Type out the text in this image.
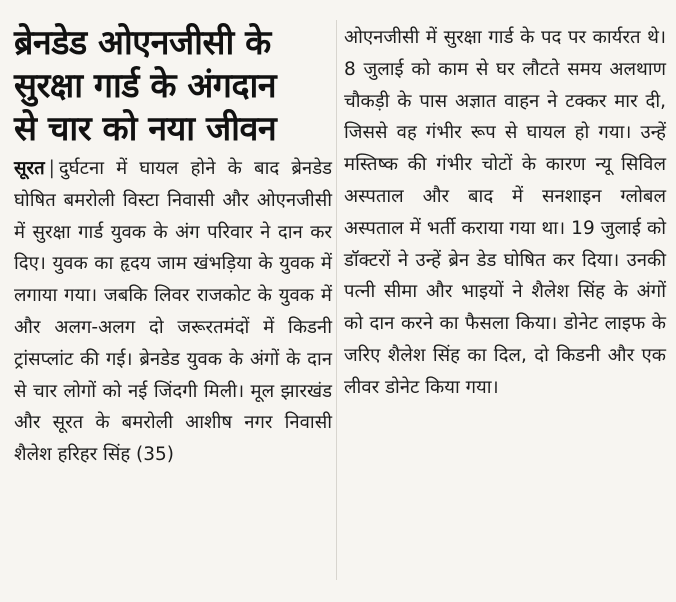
ब्रेनडेड ओएनजीसी के
सुरक्षा गार्ड के अंगदान
से चार को नया जीवन

सूरत | दुर्घटना में घायल होने के बाद ब्रेनडेड घोषित बमरोली विस्टा निवासी और ओएनजीसी में सुरक्षा गार्ड युवक के अंग परिवार ने दान कर दिए। युवक का हृदय जाम खंभड़िया के युवक में लगाया गया। जबकि लिवर राजकोट के युवक में और अलग-अलग दो जरूरतमंदों में किडनी ट्रांसप्लांट की गई। ब्रेनडेड युवक के अंगों के दान से चार लोगों को नई जिंदगी मिली। मूल झारखंड और सूरत के बमरोली आशीष नगर निवासी शैलेश हरिहर सिंह (35)

ओएनजीसी में सुरक्षा गार्ड के पद पर कार्यरत थे। 8 जुलाई को काम से घर लौटते समय अलथाण चौकड़ी के पास अज्ञात वाहन ने टक्कर मार दी, जिससे वह गंभीर रूप से घायल हो गया। उन्हें मस्तिष्क की गंभीर चोटों के कारण न्यू सिविल अस्पताल और बाद में सनशाइन ग्लोबल अस्पताल में भर्ती कराया गया था। 19 जुलाई को डॉक्टरों ने उन्हें ब्रेन डेड घोषित कर दिया। उनकी पत्नी सीमा और भाइयों ने शैलेश सिंह के अंगों को दान करने का फैसला किया। डोनेट लाइफ के जरिए शैलेश सिंह का दिल, दो किडनी और एक लीवर डोनेट किया गया।
